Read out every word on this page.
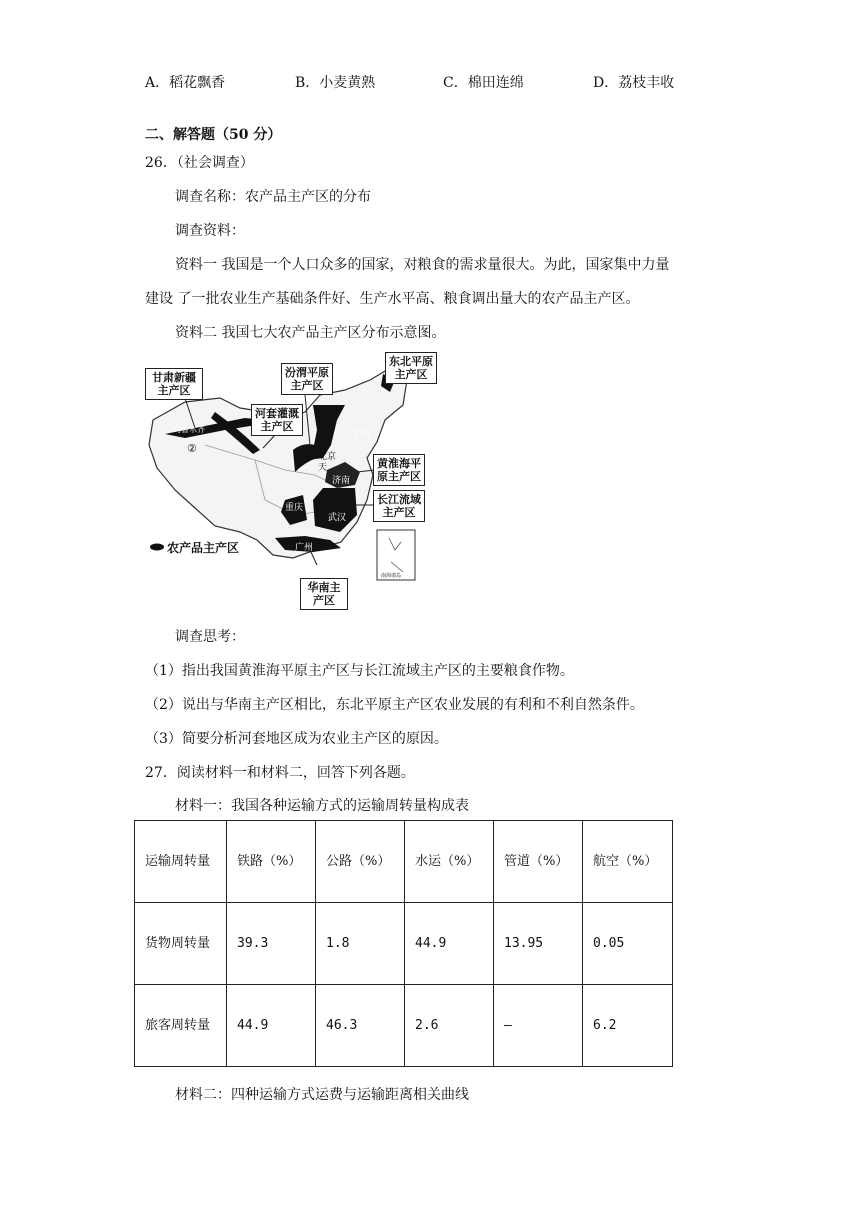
A．稻花飘香	B．小麦黄熟	C．棉田连绵	D．荔枝丰收
二、解答题（50 分）
26．（社会调查）
调查名称：农产品主产区的分布
调查资料：
资料一 我国是一个人口众多的国家，对粮食的需求量很大。为此，国家集中力量
建设 了一批农业生产基础条件好、生产水平高、粮食调出量大的农产品主产区。
资料二 我国七大农产品主产区分布示意图。
甘肃新疆主产区
汾渭平原主产区
东北平原主产区
河套灌溉主产区
黄淮海平原主产区
长江流域主产区
华南主产区
乌鲁木齐
②
长春
北京
天
济南
重庆
武汉
广州
农产品主产区
南海诸岛
调查思考：
（1）指出我国黄淮海平原主产区与长江流域主产区的主要粮食作物。
（2）说出与华南主产区相比，东北平原主产区农业发展的有利和不利自然条件。
（3）简要分析河套地区成为农业主产区的原因。
27．阅读材料一和材料二，回答下列各题。
材料一：我国各种运输方式的运输周转量构成表
运输周转量	铁路（%）	公路（%）	水运（%）	管道（%）	航空（%）
货物周转量	39.3	1.8	44.9	13.95	0.05
旅客周转量	44.9	46.3	2.6	–	6.2
材料二：四种运输方式运费与运输距离相关曲线
